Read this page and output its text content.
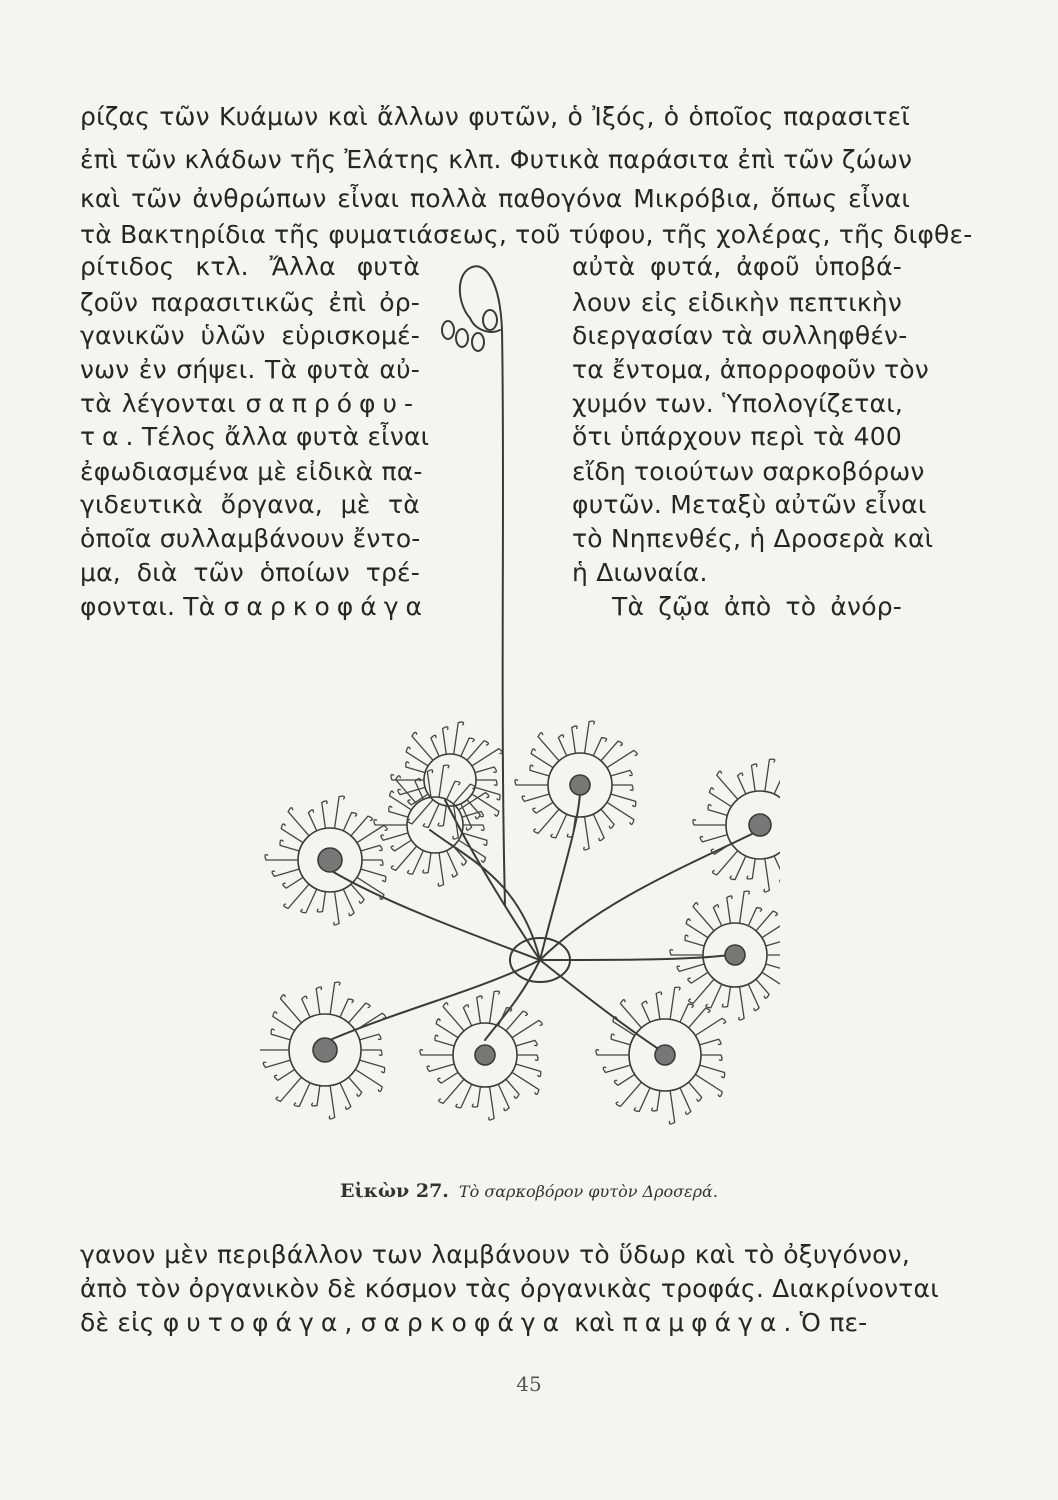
ρίζας τῶν Κυάμων καὶ ἄλλων φυτῶν, ὁ Ἰξός, ὁ ὁποῖος παρασιτεῖ
ἐπὶ τῶν κλάδων τῆς Ἐλάτης κλπ. Φυτικὰ παράσιτα ἐπὶ τῶν ζώων
καὶ τῶν ἀνθρώπων εἶναι πολλὰ παθογόνα Μικρόβια, ὅπως εἶναι
τὰ Βακτηρίδια τῆς φυματιάσεως, τοῦ τύφου, τῆς χολέρας, τῆς διφθε-
ρίτιδος κτλ. Ἄλλα φυτὰ
ζοῦν παρασιτικῶς ἐπὶ ὀρ-
γανικῶν ὑλῶν εὑρισκομέ-
νων ἐν σήψει. Τὰ φυτὰ αὐ-
τὰ λέγονται σαπρόφυ-
τα. Τέλος ἄλλα φυτὰ εἶναι
ἐφωδιασμένα μὲ εἰδικὰ πα-
γιδευτικὰ ὄργανα, μὲ τὰ
ὁποῖα συλλαμβάνουν ἔντο-
μα, διὰ τῶν ὁποίων τρέ-
φονται. Τὰ σαρκοφάγα
αὐτὰ φυτά, ἀφοῦ ὑποβά-
λουν εἰς εἰδικὴν πεπτικὴν
διεργασίαν τὰ συλληφθέν-
τα ἔντομα, ἀπορροφοῦν τὸν
χυμόν των. Ὑπολογίζεται,
ὅτι ὑπάρχουν περὶ τὰ 400
εἴδη τοιούτων σαρκοβόρων
φυτῶν. Μεταξὺ αὐτῶν εἶναι
τὸ Νηπενθές, ἡ Δροσερὰ καὶ
ἡ Διωναία.
Τὰ ζῷα ἀπὸ τὸ ἀνόρ-
Εἰκὼν 27. Τὸ σαρκοβόρον φυτὸν Δροσερά.
γανον μὲν περιβάλλον των λαμβάνουν τὸ ὕδωρ καὶ τὸ ὀξυγόνον,
ἀπὸ τὸν ὀργανικὸν δὲ κόσμον τὰς ὀργανικὰς τροφάς. Διακρίνονται
δὲ εἰς φυτοφάγα, σαρκοφάγα καὶ παμφάγα. Ὁ πε-
45
